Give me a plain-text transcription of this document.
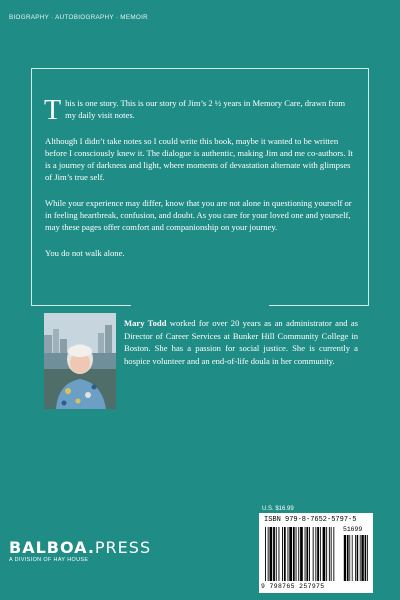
BIOGRAPHY · AUTOBIOGRAPHY · MEMOIR

This is one story. This is our story of Jim’s 2 ½ years in Memory Care, drawn from my daily visit notes.

Although I didn’t take notes so I could write this book, maybe it wanted to be written before I consciously knew it. The dialogue is authentic, making Jim and me co-authors. It is a journey of darkness and light, where moments of devastation alternate with glimpses of Jim’s true self.

While your experience may differ, know that you are not alone in questioning yourself or in feeling heartbreak, confusion, and doubt. As you care for your loved one and yourself, may these pages offer comfort and companionship on your journey.

You do not walk alone.

Mary Todd worked for over 20 years as an administrator and as Director of Career Services at Bunker Hill Community College in Boston. She has a passion for social justice. She is currently a hospice volunteer and an end-of-life doula in her community.
U.S. $16.99
ISBN 979-8-7652-5797-5
51699
9 798765 257975
BALBOA.PRESS
A DIVISION OF HAY HOUSE
